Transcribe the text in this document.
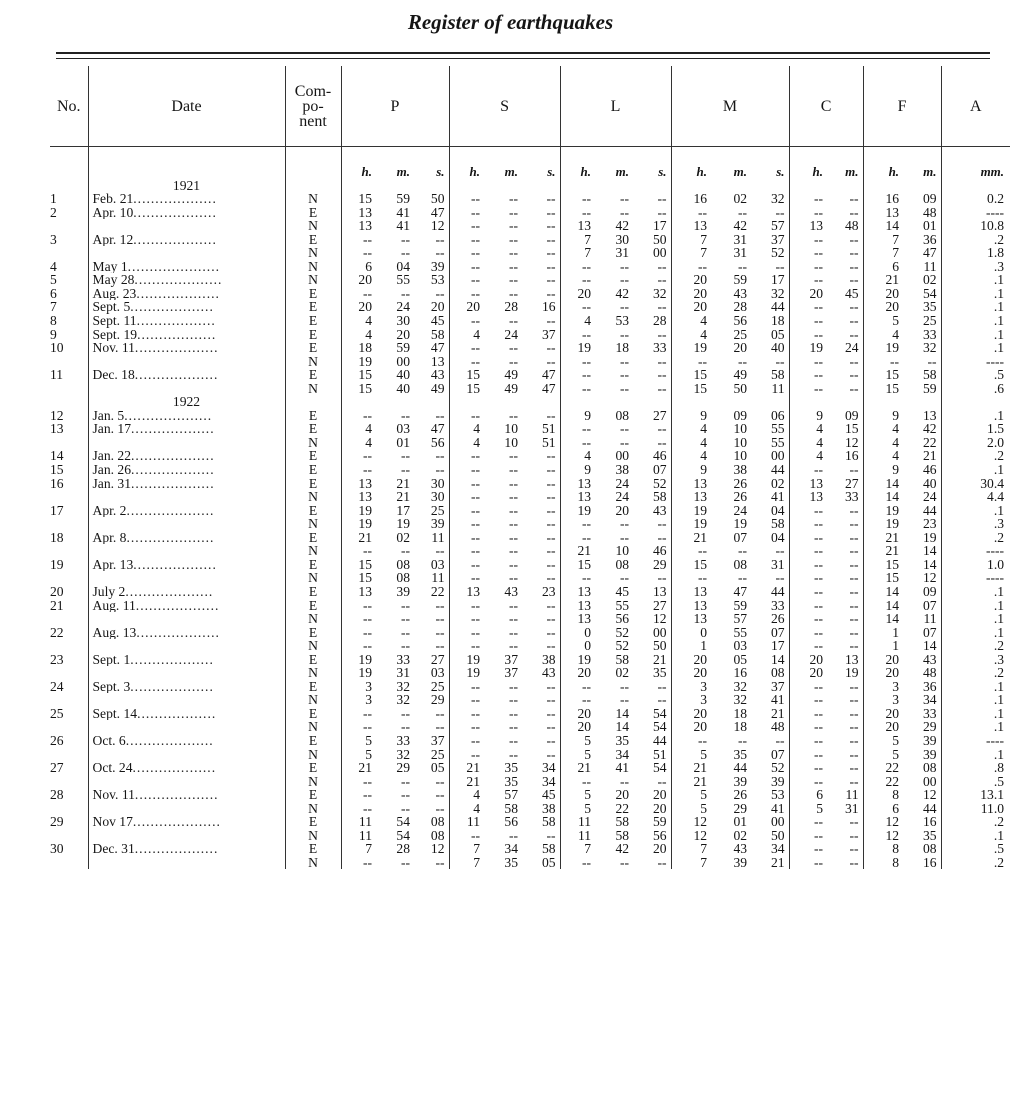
Register of earthquakes
No.	Date	Com-
po-
nent	P			S			L			M			C		F		A

			h.	m.	s.	h.	m.	s.	h.	m.	s.	h.	m.	s.	h.	m.	h.	m.	mm.
	1921																		
1	Feb. 21...................	N	15	59	50	--	--	--	--	--	--	16	02	32	--	--	16	09	0.2
2	Apr. 10...................	E	13	41	47	--	--	--	--	--	--	--	--	--	--	--	13	48	----
		N	13	41	12	--	--	--	13	42	17	13	42	57	13	48	14	01	10.8
3	Apr. 12...................	E	--	--	--	--	--	--	7	30	50	7	31	37	--	--	7	36	.2
		N	--	--	--	--	--	--	7	31	00	7	31	52	--	--	7	47	1.8
4	May 1.....................	N	6	04	39	--	--	--	--	--	--	--	--	--	--	--	6	11	.3
5	May 28....................	N	20	55	53	--	--	--	--	--	--	20	59	17	--	--	21	02	.1
6	Aug. 23...................	E	--	--	--	--	--	--	20	42	32	20	43	32	20	45	20	54	.1
7	Sept. 5...................	E	20	24	20	20	28	16	--	--	--	20	28	44	--	--	20	35	.1
8	Sept. 11..................	E	4	30	45	--	--	--	4	53	28	4	56	18	--	--	5	25	.1
9	Sept. 19..................	E	4	20	58	4	24	37	--	--	--	4	25	05	--	--	4	33	.1
10	Nov. 11...................	E	18	59	47	--	--	--	19	18	33	19	20	40	19	24	19	32	.1
		N	19	00	13	--	--	--	--	--	--	--	--	--	--	--	--	--	----
11	Dec. 18...................	E	15	40	43	15	49	47	--	--	--	15	49	58	--	--	15	58	.5
		N	15	40	49	15	49	47	--	--	--	15	50	11	--	--	15	59	.6
	1922																		
12	Jan. 5....................	E	--	--	--	--	--	--	9	08	27	9	09	06	9	09	9	13	.1
13	Jan. 17...................	E	4	03	47	4	10	51	--	--	--	4	10	55	4	15	4	42	1.5
		N	4	01	56	4	10	51	--	--	--	4	10	55	4	12	4	22	2.0
14	Jan. 22...................	E	--	--	--	--	--	--	4	00	46	4	10	00	4	16	4	21	.2
15	Jan. 26...................	E	--	--	--	--	--	--	9	38	07	9	38	44	--	--	9	46	.1
16	Jan. 31...................	E	13	21	30	--	--	--	13	24	52	13	26	02	13	27	14	40	30.4
		N	13	21	30	--	--	--	13	24	58	13	26	41	13	33	14	24	4.4
17	Apr. 2....................	E	19	17	25	--	--	--	19	20	43	19	24	04	--	--	19	44	.1
		N	19	19	39	--	--	--	--	--	--	19	19	58	--	--	19	23	.3
18	Apr. 8....................	E	21	02	11	--	--	--	--	--	--	21	07	04	--	--	21	19	.2
		N	--	--	--	--	--	--	21	10	46	--	--	--	--	--	21	14	----
19	Apr. 13...................	E	15	08	03	--	--	--	15	08	29	15	08	31	--	--	15	14	1.0
		N	15	08	11	--	--	--	--	--	--	--	--	--	--	--	15	12	----
20	July 2....................	E	13	39	22	13	43	23	13	45	13	13	47	44	--	--	14	09	.1
21	Aug. 11...................	E	--	--	--	--	--	--	13	55	27	13	59	33	--	--	14	07	.1
		N	--	--	--	--	--	--	13	56	12	13	57	26	--	--	14	11	.1
22	Aug. 13...................	E	--	--	--	--	--	--	0	52	00	0	55	07	--	--	1	07	.1
		N	--	--	--	--	--	--	0	52	50	1	03	17	--	--	1	14	.2
23	Sept. 1...................	E	19	33	27	19	37	38	19	58	21	20	05	14	20	13	20	43	.3
		N	19	31	03	19	37	43	20	02	35	20	16	08	20	19	20	48	.2
24	Sept. 3...................	E	3	32	25	--	--	--	--	--	--	3	32	37	--	--	3	36	.1
		N	3	32	29	--	--	--	--	--	--	3	32	41	--	--	3	34	.1
25	Sept. 14..................	E	--	--	--	--	--	--	20	14	54	20	18	21	--	--	20	33	.1
		N	--	--	--	--	--	--	20	14	54	20	18	48	--	--	20	29	.1
26	Oct. 6....................	E	5	33	37	--	--	--	5	35	44	--	--	--	--	--	5	39	----
		N	5	32	25	--	--	--	5	34	51	5	35	07	--	--	5	39	.1
27	Oct. 24...................	E	21	29	05	21	35	34	21	41	54	21	44	52	--	--	22	08	.8
		N	--	--	--	21	35	34	--	--	--	21	39	39	--	--	22	00	.5
28	Nov. 11...................	E	--	--	--	4	57	45	5	20	20	5	26	53	6	11	8	12	13.1
		N	--	--	--	4	58	38	5	22	20	5	29	41	5	31	6	44	11.0
29	Nov 17....................	E	11	54	08	11	56	58	11	58	59	12	01	00	--	--	12	16	.2
		N	11	54	08	--	--	--	11	58	56	12	02	50	--	--	12	35	.1
30	Dec. 31...................	E	7	28	12	7	34	58	7	42	20	7	43	34	--	--	8	08	.5
		N	--	--	--	7	35	05	--	--	--	7	39	21	--	--	8	16	.2
